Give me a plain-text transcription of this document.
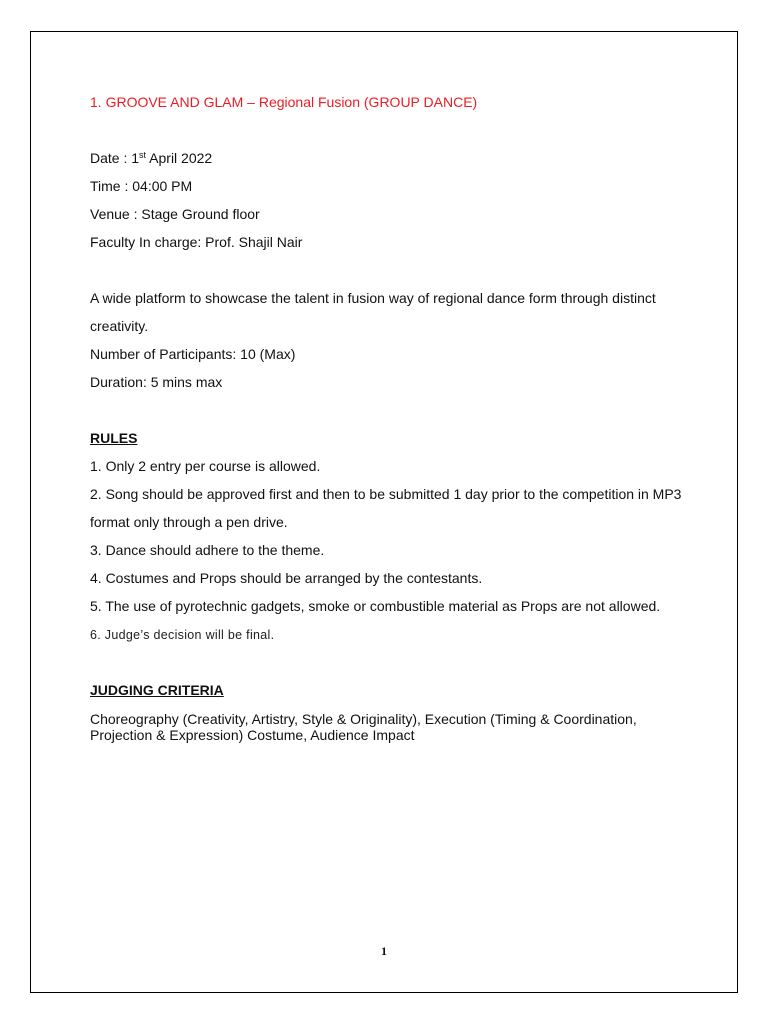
1. GROOVE AND GLAM – Regional Fusion (GROUP DANCE)
Date : 1st April 2022
Time : 04:00 PM
Venue : Stage Ground floor
Faculty In charge: Prof. Shajil Nair
A wide platform to showcase the talent in fusion way of regional dance form through distinct
creativity.
Number of Participants: 10 (Max)
Duration: 5 mins max
RULES
1. Only 2 entry per course is allowed.
2. Song should be approved first and then to be submitted 1 day prior to the competition in MP3
format only through a pen drive.
3. Dance should adhere to the theme.
4. Costumes and Props should be arranged by the contestants.
5. The use of pyrotechnic gadgets, smoke or combustible material as Props are not allowed.
6. Judge’s decision will be final.
JUDGING CRITERIA
Choreography (Creativity, Artistry, Style & Originality), Execution (Timing & Coordination,
Projection & Expression) Costume, Audience Impact
1
